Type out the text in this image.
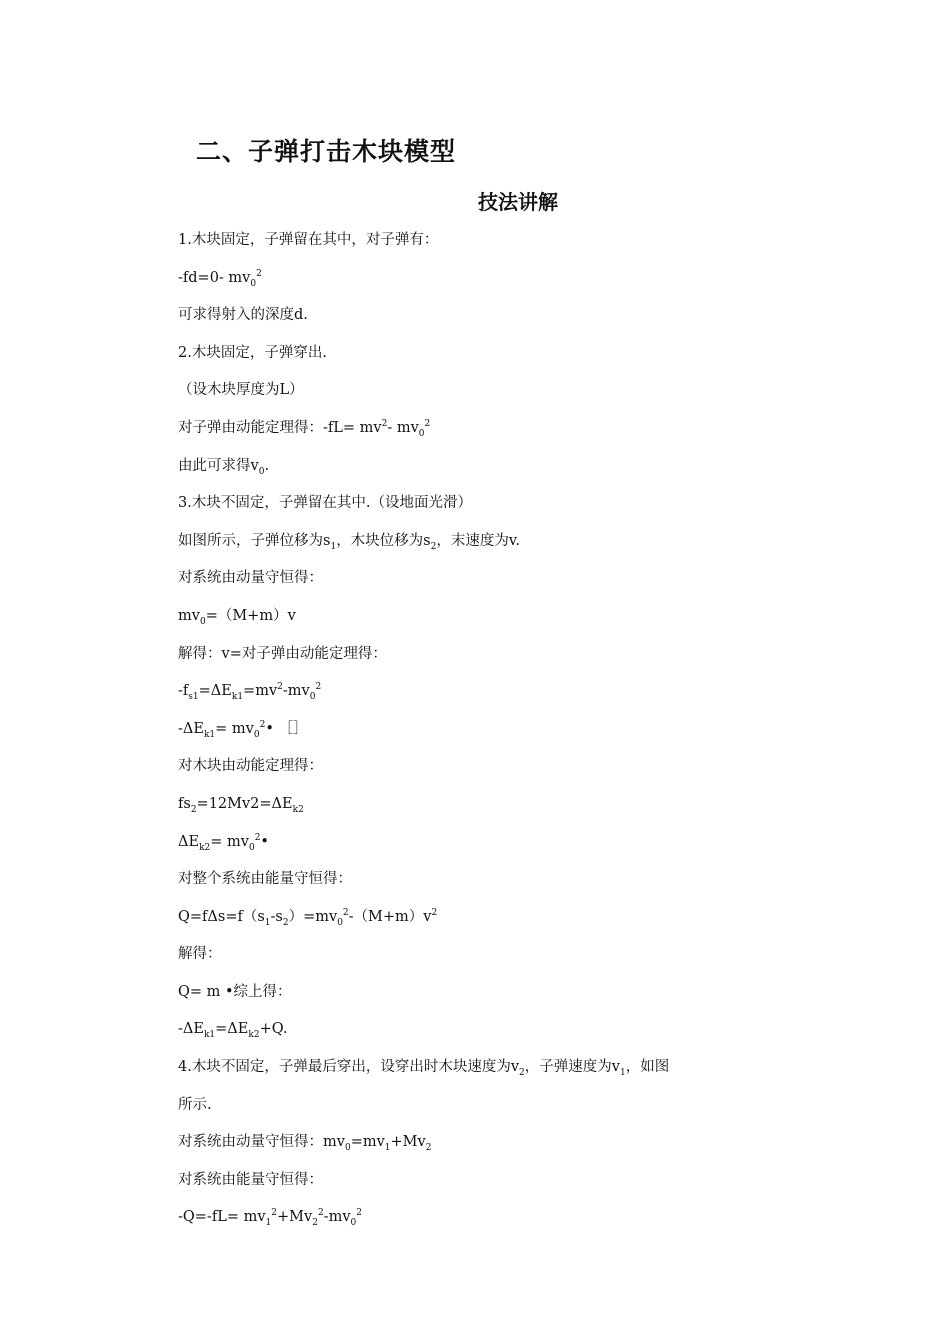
二、子弹打击木块模型
技法讲解
1.木块固定，子弹留在其中，对子弹有：
-fd=0- $mv_0^2$
可求得射入的深度d.
2.木块固定，子弹穿出.
（设木块厚度为L）
对子弹由动能定理得：$-fL= mv^2-$ $mv_0^2$
由此可求得$v_0$.
3.木块不固定，子弹留在其中.（设地面光滑）
如图所示，子弹位移为$s_1$，木块位移为$s_2$，末速度为v.
对系统由动量守恒得：
$mv_0=(M+m)v$
解得：v=对子弹由动能定理得：
$-f_{s1}=\Delta E_{k1}=mv^2-mv_0^2$
$-\Delta E_{k1}=$ $mv_0^2•$ ［］
对木块由动能定理得：
$fs_2=12Mv2=\Delta E_{k2}$
$\Delta E_{k2}=$ $mv_0^2•$
对整个系统由能量守恒得：
$Q=f\Delta s=f(s_1-s_2)=mv_0^2-(M+m)v^2$
解得：
Q= m •综上得：
$-\Delta E_{k1}=\Delta E_{k2}+Q$.
4.木块不固定，子弹最后穿出，设穿出时木块速度为$v_2$，子弹速度为$v_1$，如图
所示.
对系统由动量守恒得：$mv_0=mv_1+Mv_2$
对系统由能量守恒得：
$-Q=-fL= mv_1^2+Mv_2^2-mv_0^2$
